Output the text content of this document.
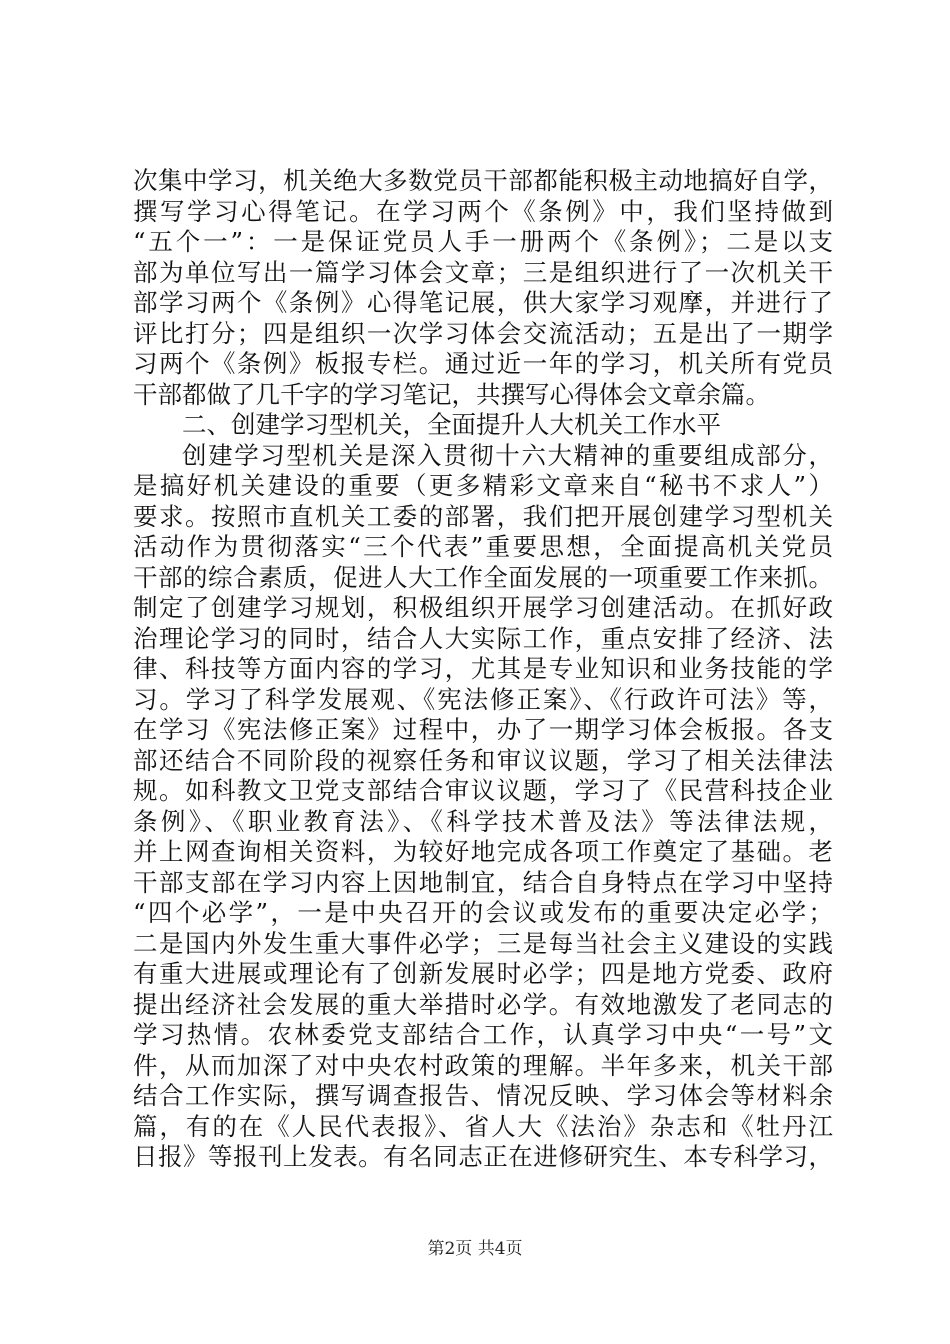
次集中学习，机关绝大多数党员干部都能积极主动地搞好自学，
撰写学习心得笔记。在学习两个《条例》中，我们坚持做到
“五个一”：一是保证党员人手一册两个《条例》；二是以支
部为单位写出一篇学习体会文章；三是组织进行了一次机关干
部学习两个《条例》心得笔记展，供大家学习观摩，并进行了
评比打分；四是组织一次学习体会交流活动；五是出了一期学
习两个《条例》板报专栏。通过近一年的学习，机关所有党员
干部都做了几千字的学习笔记，共撰写心得体会文章余篇。
二、创建学习型机关，全面提升人大机关工作水平
创建学习型机关是深入贯彻十六大精神的重要组成部分，
是搞好机关建设的重要（更多精彩文章来自“秘书不求人”）
要求。按照市直机关工委的部署，我们把开展创建学习型机关
活动作为贯彻落实“三个代表”重要思想，全面提高机关党员
干部的综合素质，促进人大工作全面发展的一项重要工作来抓。
制定了创建学习规划，积极组织开展学习创建活动。在抓好政
治理论学习的同时，结合人大实际工作，重点安排了经济、法
律、科技等方面内容的学习，尤其是专业知识和业务技能的学
习。学习了科学发展观、《宪法修正案》、《行政许可法》等，
在学习《宪法修正案》过程中，办了一期学习体会板报。各支
部还结合不同阶段的视察任务和审议议题，学习了相关法律法
规。如科教文卫党支部结合审议议题，学习了《民营科技企业
条例》、《职业教育法》、《科学技术普及法》等法律法规，
并上网查询相关资料，为较好地完成各项工作奠定了基础。老
干部支部在学习内容上因地制宜，结合自身特点在学习中坚持
“四个必学”，一是中央召开的会议或发布的重要决定必学；
二是国内外发生重大事件必学；三是每当社会主义建设的实践
有重大进展或理论有了创新发展时必学；四是地方党委、政府
提出经济社会发展的重大举措时必学。有效地激发了老同志的
学习热情。农林委党支部结合工作，认真学习中央“一号”文
件，从而加深了对中央农村政策的理解。半年多来，机关干部
结合工作实际，撰写调查报告、情况反映、学习体会等材料余
篇，有的在《人民代表报》、省人大《法治》杂志和《牡丹江
日报》等报刊上发表。有名同志正在进修研究生、本专科学习，
第2页 共4页
